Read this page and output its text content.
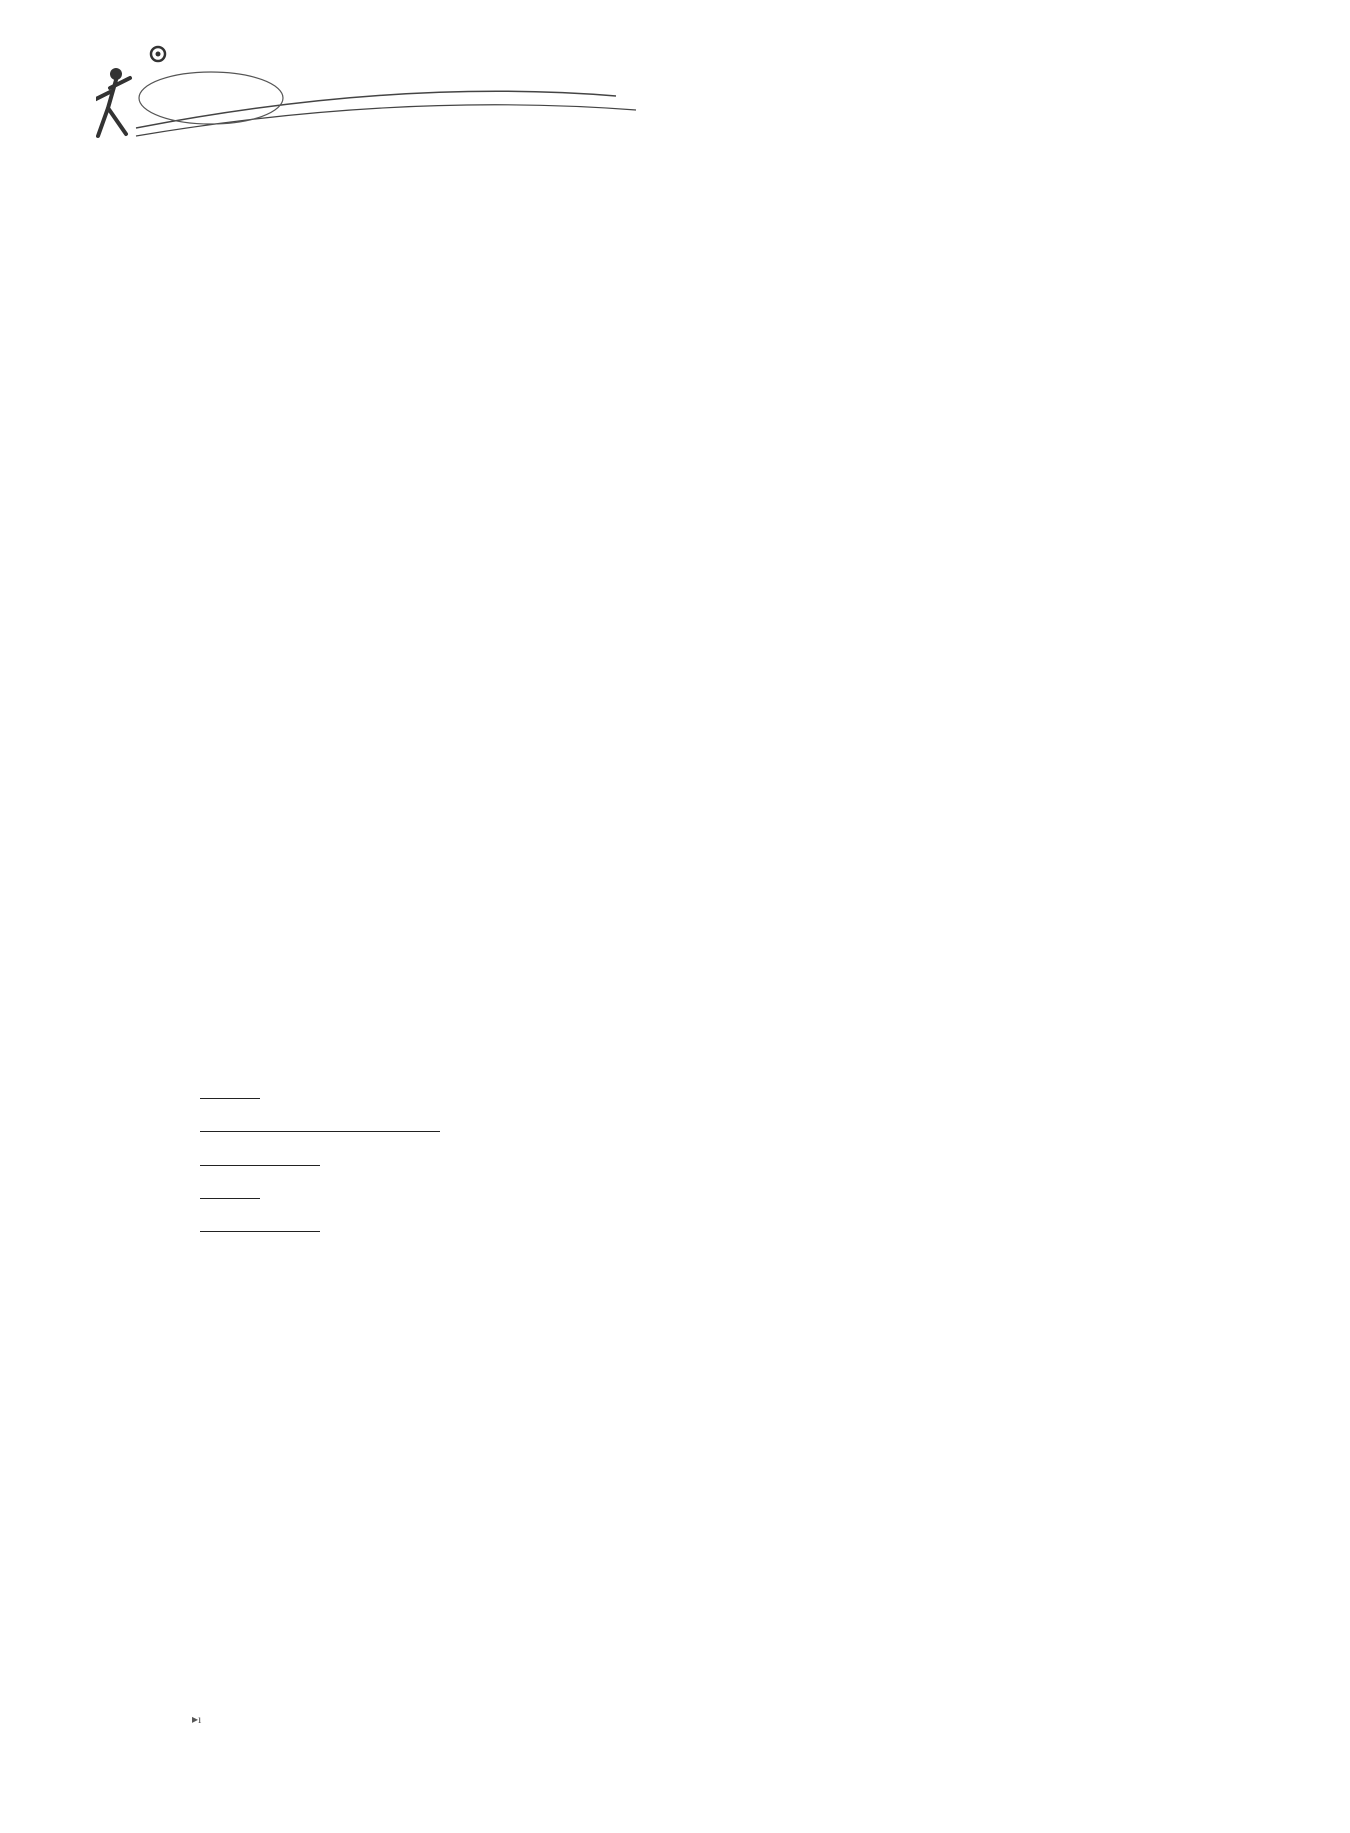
▸ı
